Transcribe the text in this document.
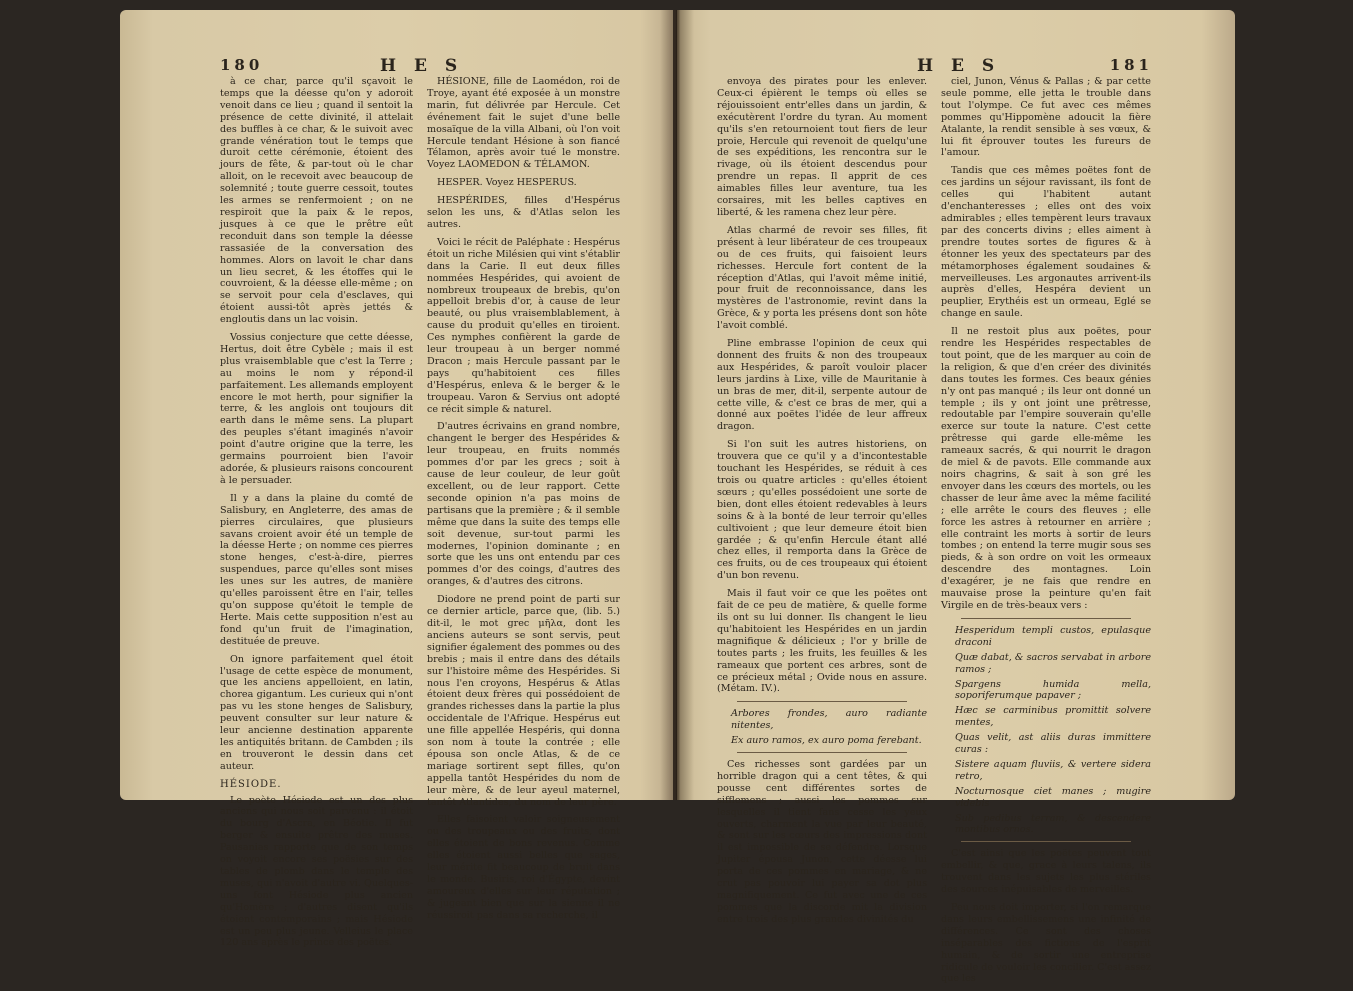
180	H E S

à ce char, parce qu'il sçavoit le temps que la déesse qu'on y adoroit venoit dans ce lieu ; quand il sentoit la présence de cette divinité, il attelait des buffles à ce char, & le suivoit avec grande vénération tout le temps que duroit cette cérémonie, étoient des jours de fête, & par-tout où le char alloit, on le recevoit avec beaucoup de solemnité ; toute guerre cessoit, toutes les armes se renfermoient ; on ne respiroit que la paix & le repos, jusques à ce que le prêtre eût reconduit dans son temple la déesse rassasiée de la conversation des hommes. Alors on lavoit le char dans un lieu secret, & les étoffes qui le couvroient, & la déesse elle-même ; on se servoit pour cela d'esclaves, qui étoient aussi-tôt après jettés & engloutis dans un lac voisin.

Vossius conjecture que cette déesse, Hertus, doit être Cybèle ; mais il est plus vraisemblable que c'est la Terre ; au moins le nom y répond-il parfaitement. Les allemands employent encore le mot herth, pour signifier la terre, & les anglois ont toujours dit earth dans le même sens. La plupart des peuples s'étant imaginés n'avoir point d'autre origine que la terre, les germains pourroient bien l'avoir adorée, & plusieurs raisons concourent à le persuader.

Il y a dans la plaine du comté de Salisbury, en Angleterre, des amas de pierres circulaires, que plusieurs savans croient avoir été un temple de la déesse Herte ; on nomme ces pierres stone henges, c'est-à-dire, pierres suspendues, parce qu'elles sont mises les unes sur les autres, de manière qu'elles paroissent être en l'air, telles qu'on suppose qu'étoit le temple de Herte. Mais cette supposition n'est au fond qu'un fruit de l'imagination, destituée de preuve.

On ignore parfaitement quel étoit l'usage de cette espèce de monument, que les anciens appelloient, en latin, chorea gigantum. Les curieux qui n'ont pas vu les stone henges de Salisbury, peuvent consulter sur leur nature & leur ancienne destination apparente les antiquités britann. de Cambden ; ils en trouveront le dessin dans cet auteur.

HÉSIODE.

Le poète Hésiode est un des plus anciens qui nous soit parvenu : il étoit du bourg d'Ascra, en Béotie. Il fut berger & ensuite prêtre des muses. Pausanias rapporte que de son temps on voyoit encore ses poësies sur des tables de plomb dans le temple des muses, qui n'avoit d'autre vi. Quelques-uns font Hésiode plus ancien qu'Homère ; d'autres disent qu'ils étoient contemporains ; mais Hésiode est un peu plus jeune. Velleius le place 120 ans après le prince des poëtes.

HÉSIONE, fille de Laomédon, roi de Troye, ayant été exposée à un monstre marin, fut délivrée par Hercule. Cet événement fait le sujet d'une belle mosaïque de la villa Albani, où l'on voit Hercule tendant Hésione à son fiancé Télamon, après avoir tué le monstre. Voyez LAOMEDON & TÉLAMON.

HESPER. Voyez HESPERUS.

HESPÉRIDES, filles d'Hespérus selon les uns, & d'Atlas selon les autres.

Voici le récit de Paléphate : Hespérus étoit un riche Milésien qui vint s'établir dans la Carie. Il eut deux filles nommées Hespérides, qui avoient de nombreux troupeaux de brebis, qu'on appelloit brebis d'or, à cause de leur beauté, ou plus vraisemblablement, à cause du produit qu'elles en tiroient. Ces nymphes confièrent la garde de leur troupeau à un berger nommé Dracon ; mais Hercule passant par le pays qu'habitoient ces filles d'Hespérus, enleva & le berger & le troupeau. Varon & Servius ont adopté ce récit simple & naturel.

D'autres écrivains en grand nombre, changent le berger des Hespérides & leur troupeau, en fruits nommés pommes d'or par les grecs ; soit à cause de leur couleur, de leur goût excellent, ou de leur rapport. Cette seconde opinion n'a pas moins de partisans que la première ; & il semble même que dans la suite des temps elle soit devenue, sur-tout parmi les modernes, l'opinion dominante ; en sorte que les uns ont entendu par ces pommes d'or des coings, d'autres des oranges, & d'autres des citrons.

Diodore ne prend point de parti sur ce dernier article, parce que, (lib. 5.) dit-il, le mot grec μῆλα, dont les anciens auteurs se sont servis, peut signifier également des pommes ou des brebis ; mais il entre dans des détails sur l'histoire même des Hespérides. Si nous l'en croyons, Hespérus & Atlas étoient deux frères qui possédoient de grandes richesses dans la partie la plus occidentale de l'Afrique. Hespérus eut une fille appellée Hespéris, qui donna son nom à toute la contrée ; elle épousa son oncle Atlas, & de ce mariage sortirent sept filles, qu'on appella tantôt Hespérides du nom de leur mère, & de leur ayeul maternel, tantôt Atlantides, du nom de leur père.

Elles faisoient valoir soigneusement ou des troupeaux ou des fruits, dont elles étoient de bons revenus. Comme elles étoient aussi belles que sages, leur mérite fit beaucoup de bruit dans le monde. Busiris, roi d'Égypte, devint amoureux d'elles sur leur réputation ; & jugeant bien que sur la sienne il ne réussiroit pas dans sa recherche, il

H E S	181

envoya des pirates pour les enlever. Ceux-ci épièrent le temps où elles se réjouissoient entr'elles dans un jardin, & exécutèrent l'ordre du tyran. Au moment qu'ils s'en retournoient tout fiers de leur proie, Hercule qui revenoit de quelqu'une de ses expéditions, les rencontra sur le rivage, où ils étoient descendus pour prendre un repas. Il apprit de ces aimables filles leur aventure, tua les corsaires, mit les belles captives en liberté, & les ramena chez leur père.

Atlas charmé de revoir ses filles, fit présent à leur libérateur de ces troupeaux ou de ces fruits, qui faisoient leurs richesses. Hercule fort content de la réception d'Atlas, qui l'avoit même initié, pour fruit de reconnoissance, dans les mystères de l'astronomie, revint dans la Grèce, & y porta les présens dont son hôte l'avoit comblé.

Pline embrasse l'opinion de ceux qui donnent des fruits & non des troupeaux aux Hespérides, & paroît vouloir placer leurs jardins à Lixe, ville de Mauritanie à un bras de mer, dit-il, serpente autour de cette ville, & c'est ce bras de mer, qui a donné aux poëtes l'idée de leur affreux dragon.

Si l'on suit les autres historiens, on trouvera que ce qu'il y a d'incontestable touchant les Hespérides, se réduit à ces trois ou quatre articles : qu'elles étoient sœurs ; qu'elles possédoient une sorte de bien, dont elles étoient redevables à leurs soins & à la bonté de leur terroir qu'elles cultivoient ; que leur demeure étoit bien gardée ; & qu'enfin Hercule étant allé chez elles, il remporta dans la Grèce de ces fruits, ou de ces troupeaux qui étoient d'un bon revenu.

Mais il faut voir ce que les poëtes ont fait de ce peu de matière, & quelle forme ils ont su lui donner. Ils changent le lieu qu'habitoient les Hespérides en un jardin magnifique & délicieux ; l'or y brille de toutes parts ; les fruits, les feuilles & les rameaux que portent ces arbres, sont de ce précieux métal ; Ovide nous en assure. (Métam. IV.).

Arbores frondes, auro radiante nitentes,

Ex auro ramos, ex auro poma ferebant.

Ces richesses sont gardées par un horrible dragon qui a cent têtes, & qui pousse cent différentes sortes de sifflemens ; aussi les pommes sur lesquelles il tient fans cesse les yeux ouverts, charment la vue par leur beauté, & sont sur les cœurs des impressions dont il est impossible de se défendre. Lorsque Jupiter épousa Junon, cette déesse lui porta de ces pommes en mariage, & ne crut pas pouvoir lui payer sa dot plus magnifiquement. Ce fut avec une de ces pommes que la discorde mit la division entre trois des plus grandes divinités du

ciel, Junon, Vénus & Pallas ; & par cette seule pomme, elle jetta le trouble dans tout l'olympe. Ce fut avec ces mêmes pommes qu'Hippomène adoucit la fière Atalante, la rendit sensible à ses vœux, & lui fit éprouver toutes les fureurs de l'amour.

Tandis que ces mêmes poëtes font de ces jardins un séjour ravissant, ils font de celles qui l'habitent autant d'enchanteresses ; elles ont des voix admirables ; elles tempèrent leurs travaux par des concerts divins ; elles aiment à prendre toutes sortes de figures & à étonner les yeux des spectateurs par des métamorphoses également soudaines & merveilleuses. Les argonautes arrivent-ils auprès d'elles, Hespéra devient un peuplier, Erythéis est un ormeau, Eglé se change en saule.

Il ne restoit plus aux poëtes, pour rendre les Hespérides respectables de tout point, que de les marquer au coin de la religion, & que d'en créer des divinités dans toutes les formes. Ces beaux génies n'y ont pas manqué ; ils leur ont donné un temple ; ils y ont joint une prêtresse, redoutable par l'empire souverain qu'elle exerce sur toute la nature. C'est cette prêtresse qui garde elle-même les rameaux sacrés, & qui nourrit le dragon de miel & de pavots. Elle commande aux noirs chagrins, & sait à son gré les envoyer dans les cœurs des mortels, ou les chasser de leur âme avec la même facilité ; elle arrête le cours des fleuves ; elle force les astres à retourner en arrière ; elle contraint les morts à sortir de leurs tombes ; on entend la terre mugir sous ses pieds, & à son ordre on voit les ormeaux descendre des montagnes. Loin d'exagérer, je ne fais que rendre en mauvaise prose la peinture qu'en fait Virgile en de très-beaux vers :

Hesperidum templi custos, epulasque draconi

Quæ dabat, & sacros servabat in arbore ramos ;

Spargens humida mella, soporiferumque papaver ;

Hæc se carminibus promittit solvere mentes,

Quas velit, ast aliis duras immittere curas :

Sistere aquam fluviis, & vertere sidera retro,

Nocturnosque ciet manes ; mugire videbis

Sub pedibus terram, & descendere montibus ornos.

C'est ainsi que les poëtes peuvent tout embellir, & que, grace à leurs talens, ils trouvent dans les sujets les plus stériles des sources inépuisables de merveilles.

Peu nous doit importer, si l'on remarque dans leurs embellissemens une infinité de différences. Ce sont des choses inséparables des fictions de l'esprit humain, & de sortir une entreprise ridicule de vouloir les concilier. C'est assez que les
